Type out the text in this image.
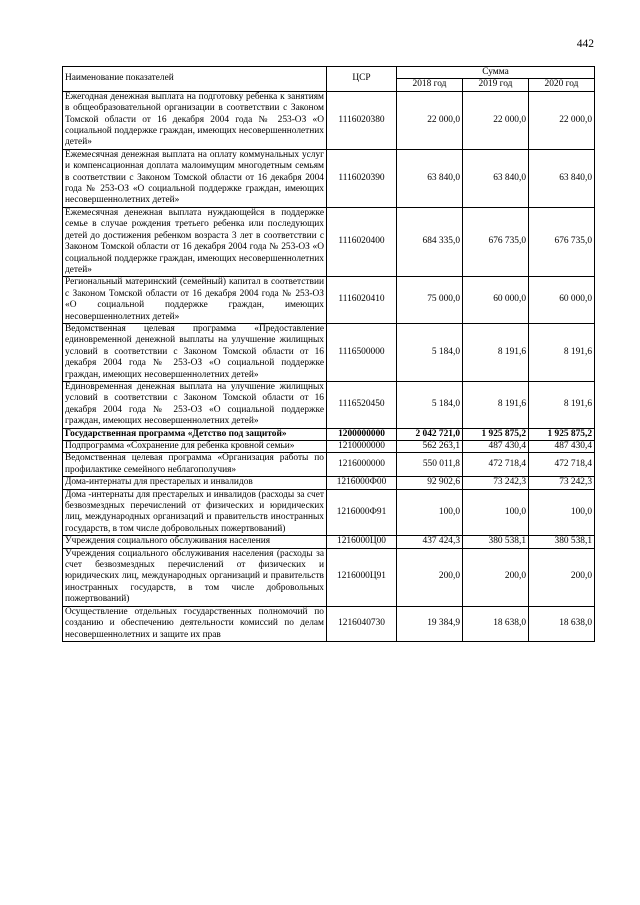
442
Наименование показателей	ЦСР	Сумма		
		2018 год	2019 год	2020 год
Ежегодная денежная выплата на подготовку ребенка к занятиям в общеобразовательной организации в соответствии с Законом Томской области от 16 декабря 2004 года № 253-ОЗ «О социальной поддержке граждан, имеющих несовершеннолетних детей»	1116020380	22 000,0	22 000,0	22 000,0
Ежемесячная денежная выплата на оплату коммунальных услуг и компенсационная доплата малоимущим многодетным семьям в соответствии с Законом Томской области от 16 декабря 2004 года № 253-ОЗ «О социальной поддержке граждан, имеющих несовершеннолетних детей»	1116020390	63 840,0	63 840,0	63 840,0
Ежемесячная денежная выплата нуждающейся в поддержке семье в случае рождения третьего ребенка или последующих детей до достижения ребенком возраста 3 лет в соответствии с Законом Томской области от 16 декабря 2004 года № 253-ОЗ «О социальной поддержке граждан, имеющих несовершеннолетних детей»	1116020400	684 335,0	676 735,0	676 735,0
Региональный материнский (семейный) капитал в соответствии с Законом Томской области от 16 декабря 2004 года № 253-ОЗ «О социальной поддержке граждан, имеющих несовершеннолетних детей»	1116020410	75 000,0	60 000,0	60 000,0
Ведомственная целевая программа «Предоставление единовременной денежной выплаты на улучшение жилищных условий в соответствии с Законом Томской области от 16 декабря 2004 года № 253-ОЗ «О социальной поддержке граждан, имеющих несовершеннолетних детей»	1116500000	5 184,0	8 191,6	8 191,6
Единовременная денежная выплата на улучшение жилищных условий в соответствии с Законом Томской области от 16 декабря 2004 года № 253-ОЗ «О социальной поддержке граждан, имеющих несовершеннолетних детей»	1116520450	5 184,0	8 191,6	8 191,6
Государственная программа «Детство под защитой»	1200000000	2 042 721,0	1 925 875,2	1 925 875,2
Подпрограмма «Сохранение для ребенка кровной семьи»	1210000000	562 263,1	487 430,4	487 430,4
Ведомственная целевая программа «Организация работы по профилактике семейного неблагополучия»	1216000000	550 011,8	472 718,4	472 718,4
Дома-интернаты для престарелых и инвалидов	1216000Ф00	92 902,6	73 242,3	73 242,3
Дома -интернаты для престарелых и инвалидов (расходы за счет безвозмездных перечислений от физических и юридических лиц, международных организаций и правительств иностранных государств, в том числе добровольных пожертвований)	1216000Ф91	100,0	100,0	100,0
Учреждения социального обслуживания населения	1216000Ц00	437 424,3	380 538,1	380 538,1
Учреждения социального обслуживания населения (расходы за счет безвозмездных перечислений от физических и юридических лиц, международных организаций и правительств иностранных государств, в том числе добровольных пожертвований)	1216000Ц91	200,0	200,0	200,0
Осуществление отдельных государственных полномочий по созданию и обеспечению деятельности комиссий по делам несовершеннолетних и защите их прав	1216040730	19 384,9	18 638,0	18 638,0
